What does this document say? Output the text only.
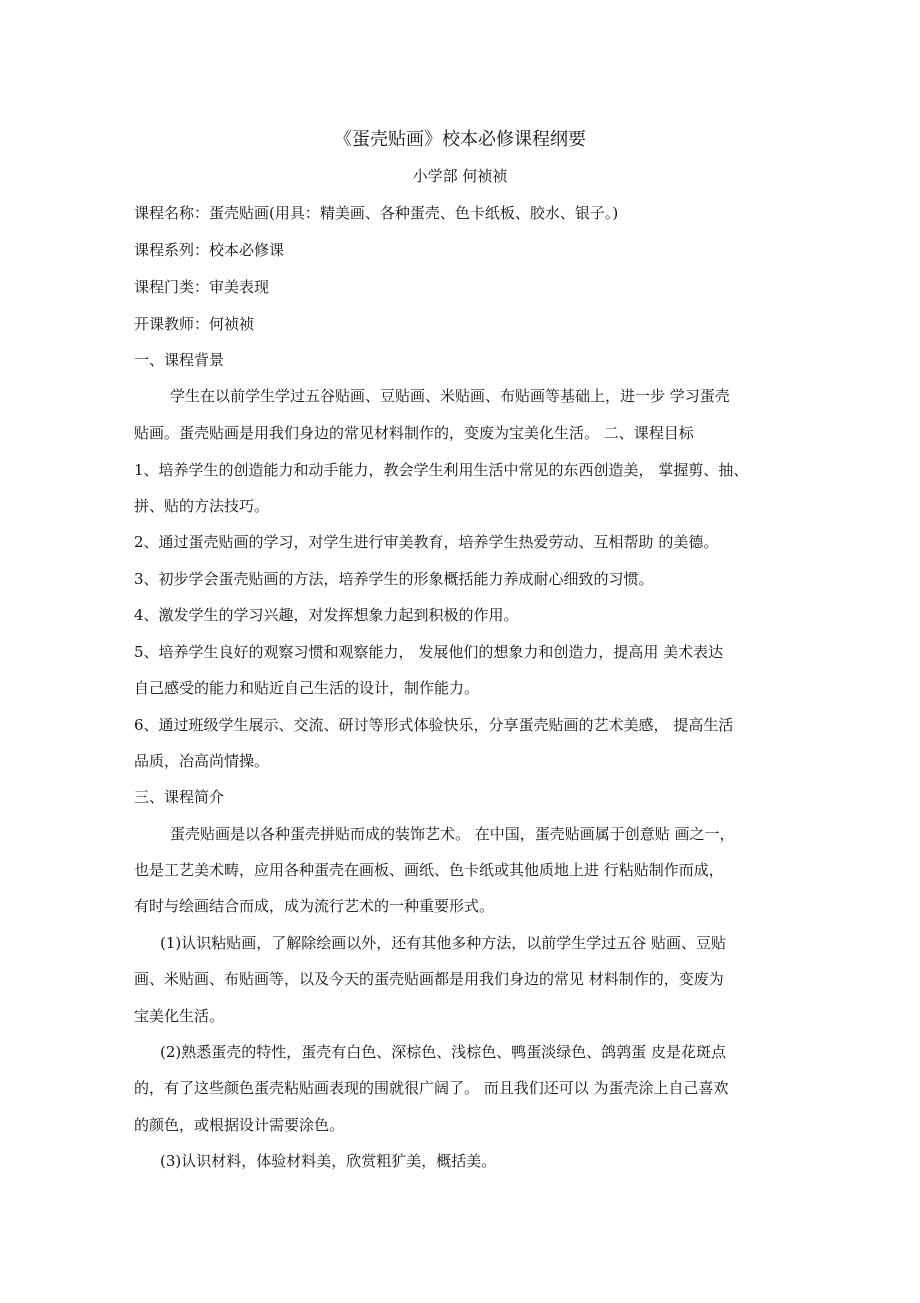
《蛋壳贴画》校本必修课程纲要
小学部 何祯祯
课程名称：蛋壳贴画(用具：精美画、各种蛋壳、色卡纸板、胶水、银子。)
课程系列：校本必修课
课程门类：审美表现
开课教师：何祯祯
一、课程背景
学生在以前学生学过五谷贴画、豆贴画、米贴画、布贴画等基础上，进一步 学习蛋壳
贴画。蛋壳贴画是用我们身边的常见材料制作的，变废为宝美化生活。 二、课程目标
1、培养学生的创造能力和动手能力，教会学生利用生活中常见的东西创造美， 掌握剪、抽、
拼、贴的方法技巧。
2、通过蛋壳贴画的学习，对学生进行审美教育，培养学生热爱劳动、互相帮助 的美德。
3、初步学会蛋壳贴画的方法，培养学生的形象概括能力养成耐心细致的习惯。
4、激发学生的学习兴趣，对发挥想象力起到积极的作用。
5、培养学生良好的观察习惯和观察能力， 发展他们的想象力和创造力，提高用 美术表达
自己感受的能力和贴近自己生活的设计，制作能力。
6、通过班级学生展示、交流、研讨等形式体验快乐，分享蛋壳贴画的艺术美感， 提高生活
品质，冶高尚情操。
三、课程简介
蛋壳贴画是以各种蛋壳拼贴而成的装饰艺术。 在中国，蛋壳贴画属于创意贴 画之一，
也是工艺美术畴，应用各种蛋壳在画板、画纸、色卡纸或其他质地上进 行粘贴制作而成，
有时与绘画结合而成，成为流行艺术的一种重要形式。
(1)认识粘贴画，了解除绘画以外，还有其他多种方法，以前学生学过五谷 贴画、豆贴
画、米贴画、布贴画等，以及今天的蛋壳贴画都是用我们身边的常见 材料制作的，变废为
宝美化生活。
(2)熟悉蛋壳的特性，蛋壳有白色、深棕色、浅棕色、鸭蛋淡绿色、鸽鹑蛋 皮是花斑点
的，有了这些颜色蛋壳粘贴画表现的围就很广阔了。 而且我们还可以 为蛋壳涂上自己喜欢
的颜色，或根据设计需要涂色。
(3)认识材料，体验材料美，欣赏粗犷美，概括美。
